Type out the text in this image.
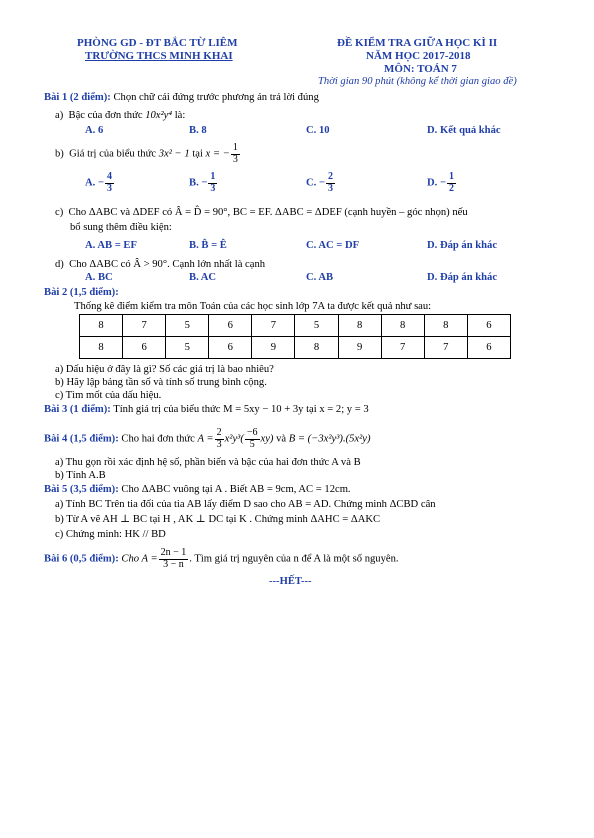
PHÒNG GD - ĐT BẮC TỪ LIÊM
TRƯỜNG THCS MINH KHAI
ĐỀ KIỂM TRA GIỮA HỌC KÌ II
NĂM HỌC 2017-2018
MÔN: TOÁN 7
Thời gian 90 phút (không kể thời gian giao đề)
Bài 1 (2 điểm): Chọn chữ cái đứng trước phương án trả lời đúng
a) Bậc của đơn thức 10x²y⁴ là:
A. 6	B. 8	C. 10	D. Kết quả khác
b) Giá trị của biểu thức 3x² − 1 tại x = − $\frac{1}{3}$
A. − $\frac{4}{3}$	B. − $\frac{1}{3}$	C. − $\frac{2}{3}$	D. − $\frac{1}{2}$
c) Cho ΔABC và ΔDEF có Â = D̂ = 90°, BC = EF. ΔABC = ΔDEF (cạnh huyền – góc nhọn) nếu
bổ sung thêm điều kiện:
A. AB = EF	B. B̂ = Ê	C. AC = DF	D. Đáp án khác
d) Cho ΔABC có Â > 90°. Cạnh lớn nhất là cạnh
A. BC	B. AC	C. AB	D. Đáp án khác
Bài 2 (1,5 điểm):
Thống kê điểm kiểm tra môn Toán của các học sinh lớp 7A ta được kết quả như sau:
8	7	5	6	7	5	8	8	8	6
8	6	5	6	9	8	9	7	7	6
a) Dấu hiệu ở đây là gì? Số các giá trị là bao nhiêu?
b) Hãy lập bảng tần số và tính số trung bình cộng.
c) Tìm mốt của dấu hiệu.
Bài 3 (1 điểm): Tính giá trị của biểu thức M = 5xy − 10 + 3y tại x = 2; y = 3
Bài 4 (1,5 điểm): Cho hai đơn thức $A = \frac{2}{3} x^2y^3( \frac{-6}{5} xy)$ và B = (−3x²y³).(5x²y)
a) Thu gọn rồi xác định hệ số, phần biến và bậc của hai đơn thức A và B
b) Tính A.B
Bài 5 (3,5 điểm): Cho ΔABC vuông tại A . Biết AB = 9cm, AC = 12cm.
a) Tính BC Trên tia đối của tia AB lấy điểm D sao cho AB = AD. Chứng minh ΔCBD cân
b) Từ A vẽ AH ⊥ BC tại H , AK ⊥ DC tại K . Chứng minh ΔAHC = ΔAKC
c) Chứng minh: HK // BD
Bài 6 (0,5 điểm): Cho $A = \frac{2n - 1}{3 - n}$ . Tìm giá trị nguyên của n để A là một số nguyên.
---HẾT---
